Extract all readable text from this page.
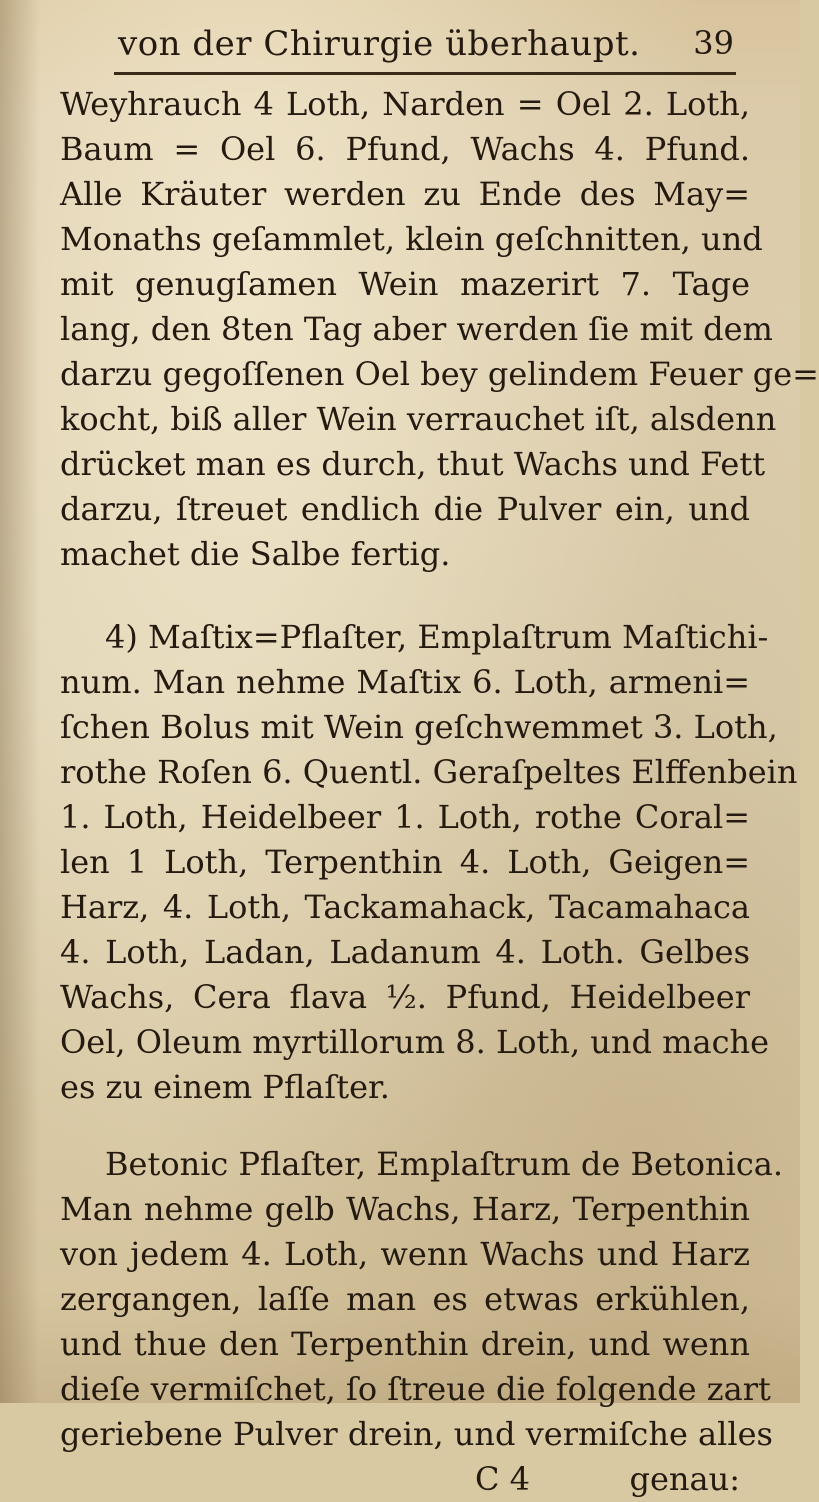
von der Chirurgie überhaupt. 39
Weyhrauch 4 Loth, Narden = Oel 2. Loth,
Baum = Oel 6. Pfund, Wachs 4. Pfund.
Alle Kräuter werden zu Ende des May=
Monaths geſammlet, klein geſchnitten, und
mit genugſamen Wein mazerirt 7. Tage
lang, den 8ten Tag aber werden ſie mit dem
darzu gegoſſenen Oel bey gelindem Feuer ge=
kocht, biß aller Wein verrauchet iſt, alsdenn
drücket man es durch, thut Wachs und Fett
darzu, ſtreuet endlich die Pulver ein, und
machet die Salbe fertig.
4) Maſtix=Pflaſter, Emplaſtrum Maſtichi-
num. Man nehme Maſtix 6. Loth, armeni=
ſchen Bolus mit Wein geſchwemmet 3. Loth,
rothe Roſen 6. Quentl. Geraſpeltes Elffenbein
1. Loth, Heidelbeer 1. Loth, rothe Coral=
len 1 Loth, Terpenthin 4. Loth, Geigen=
Harz, 4. Loth, Tackamahack, Tacamahaca
4. Loth, Ladan, Ladanum 4. Loth. Gelbes
Wachs, Cera flava ½. Pfund, Heidelbeer
Oel, Oleum myrtillorum 8. Loth, und mache
es zu einem Pflaſter.
Betonic Pflaſter, Emplaſtrum de Betonica.
Man nehme gelb Wachs, Harz, Terpenthin
von jedem 4. Loth, wenn Wachs und Harz
zergangen, laſſe man es etwas erkühlen,
und thue den Terpenthin drein, und wenn
dieſe vermiſchet, ſo ſtreue die folgende zart
geriebene Pulver drein, und vermiſche alles
C 4	genau:
